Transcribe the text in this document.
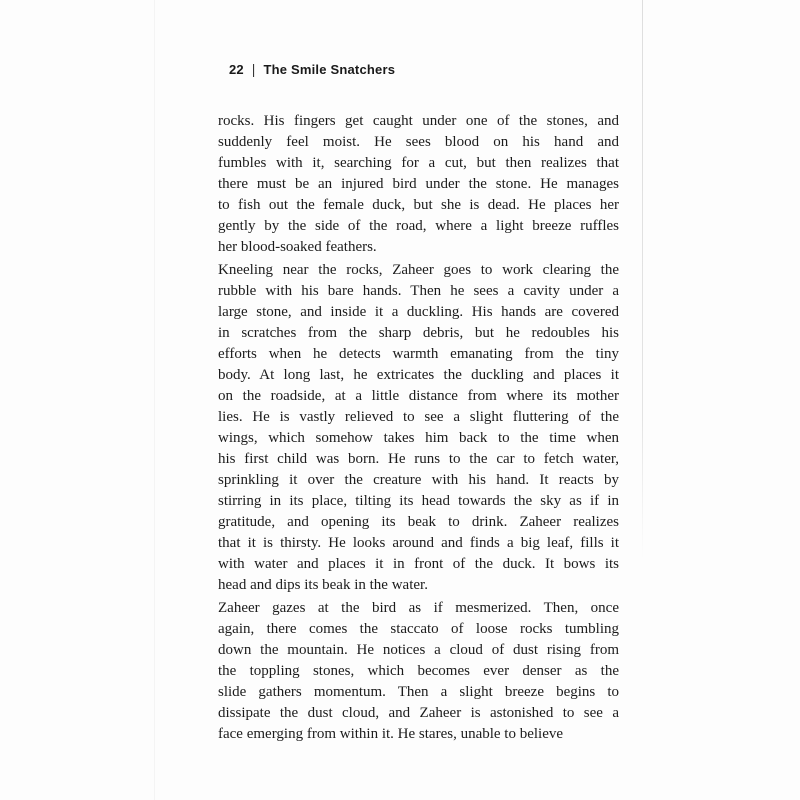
22 | The Smile Snatchers

rocks. His fingers get caught under one of the stones, and
suddenly feel moist. He sees blood on his hand and
fumbles with it, searching for a cut, but then realizes that
there must be an injured bird under the stone. He manages
to fish out the female duck, but she is dead. He places her
gently by the side of the road, where a light breeze ruffles
her blood-soaked feathers.

Kneeling near the rocks, Zaheer goes to work clearing the
rubble with his bare hands. Then he sees a cavity under a
large stone, and inside it a duckling. His hands are covered
in scratches from the sharp debris, but he redoubles his
efforts when he detects warmth emanating from the tiny
body. At long last, he extricates the duckling and places it
on the roadside, at a little distance from where its mother
lies. He is vastly relieved to see a slight fluttering of the
wings, which somehow takes him back to the time when
his first child was born. He runs to the car to fetch water,
sprinkling it over the creature with his hand. It reacts by
stirring in its place, tilting its head towards the sky as if in
gratitude, and opening its beak to drink. Zaheer realizes
that it is thirsty. He looks around and finds a big leaf, fills it
with water and places it in front of the duck. It bows its
head and dips its beak in the water.

Zaheer gazes at the bird as if mesmerized. Then, once
again, there comes the staccato of loose rocks tumbling
down the mountain. He notices a cloud of dust rising from
the toppling stones, which becomes ever denser as the
slide gathers momentum. Then a slight breeze begins to
dissipate the dust cloud, and Zaheer is astonished to see a
face emerging from within it. He stares, unable to believe
